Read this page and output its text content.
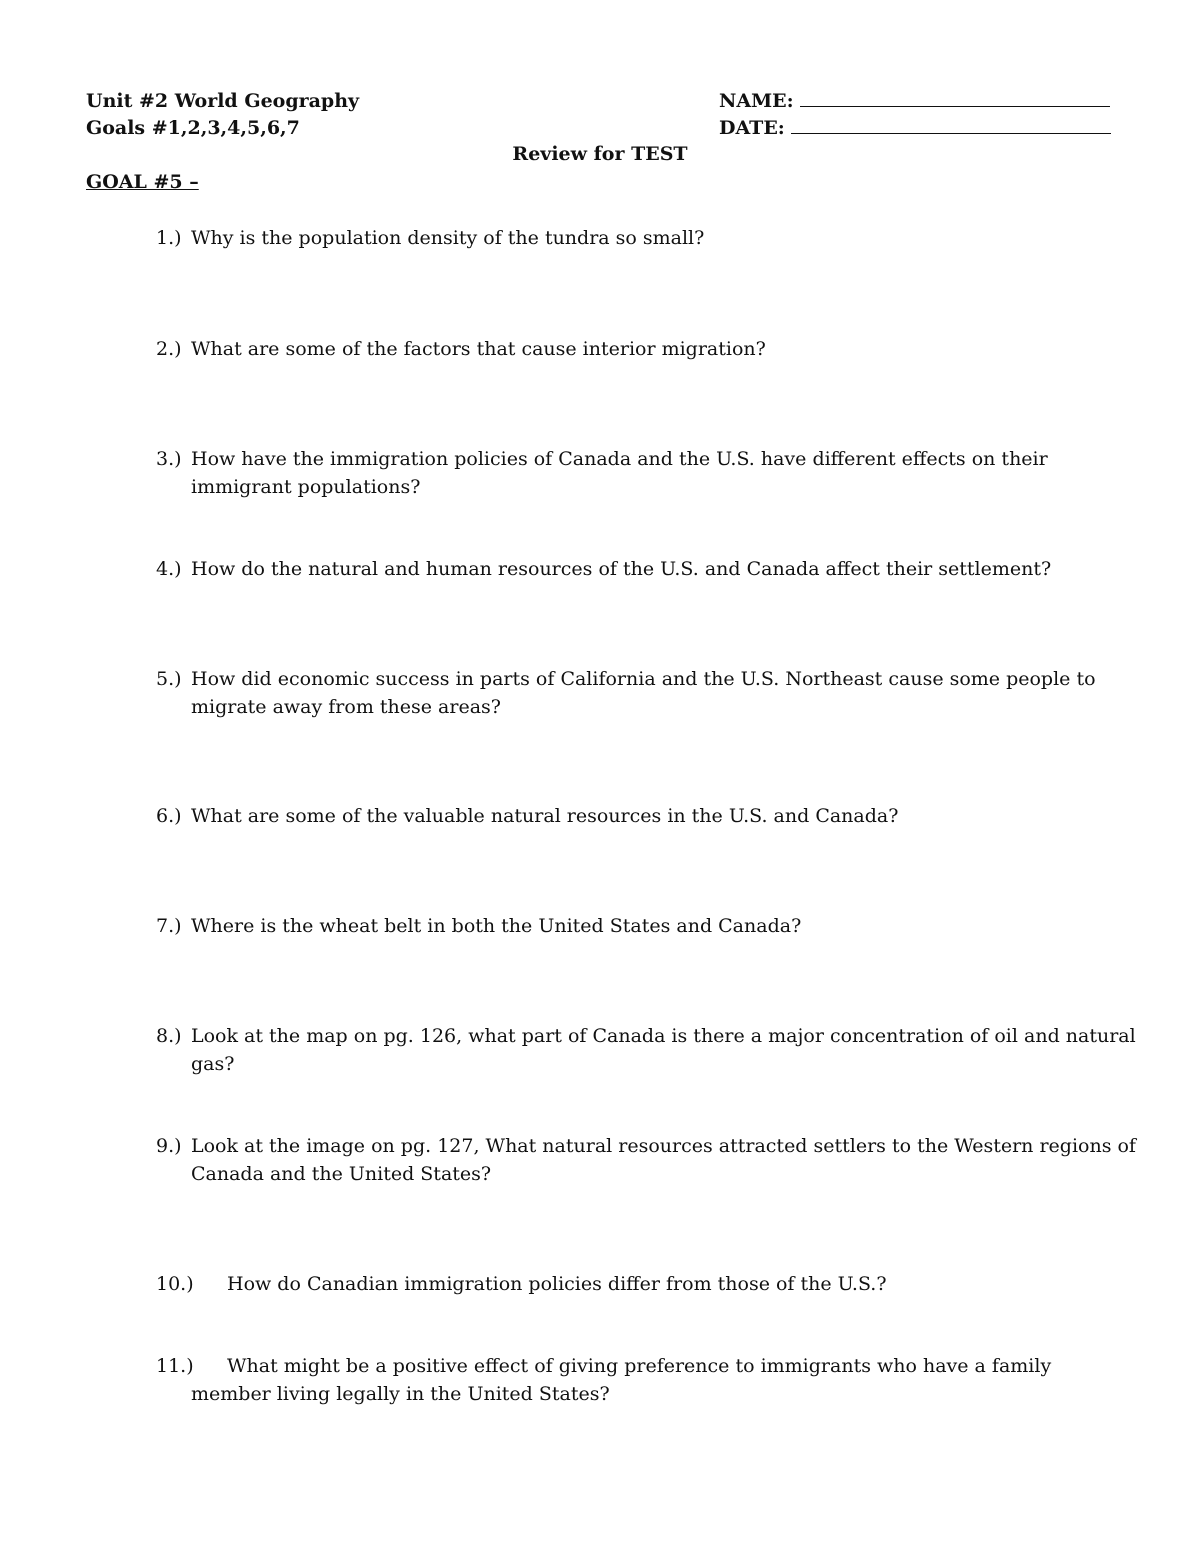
Unit #2 World Geography
Goals #1,2,3,4,5,6,7
NAME:
DATE:
Review for TEST
GOAL #5 –
1.) Why is the population density of the tundra so small?
2.) What are some of the factors that cause interior migration?
3.) How have the immigration policies of Canada and the U.S. have different effects on their immigrant populations?
4.) How do the natural and human resources of the U.S. and Canada affect their settlement?
5.) How did economic success in parts of California and the U.S. Northeast cause some people to migrate away from these areas?
6.) What are some of the valuable natural resources in the U.S. and Canada?
7.) Where is the wheat belt in both the United States and Canada?
8.) Look at the map on pg. 126, what part of Canada is there a major concentration of oil and natural gas?
9.) Look at the image on pg. 127, What natural resources attracted settlers to the Western regions of Canada and the United States?
10.) How do Canadian immigration policies differ from those of the U.S.?
11.)	What might be a positive effect of giving preference to immigrants who have a family member living legally in the United States?
